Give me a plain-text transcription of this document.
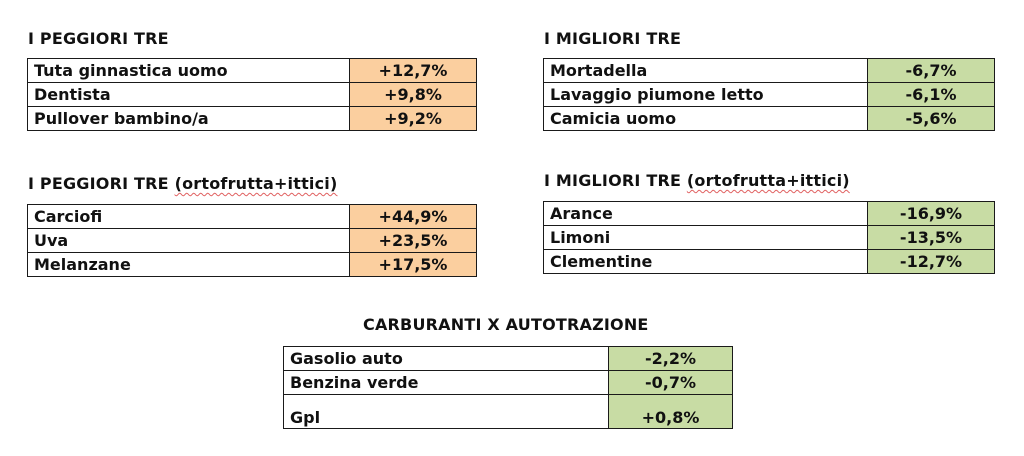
I PEGGIORI TRE
Tuta ginnastica uomo	+12,7%
Dentista	+9,8%
Pullover bambino/a	+9,2%
I MIGLIORI TRE
Mortadella	-6,7%
Lavaggio piumone letto	-6,1%
Camicia uomo	-5,6%
I PEGGIORI TRE (ortofrutta+ittici)
Carciofi	+44,9%
Uva	+23,5%
Melanzane	+17,5%
I MIGLIORI TRE (ortofrutta+ittici)
Arance	-16,9%
Limoni	-13,5%
Clementine	-12,7%
CARBURANTI X AUTOTRAZIONE
Gasolio auto	-2,2%
Benzina verde	-0,7%
Gpl	+0,8%
